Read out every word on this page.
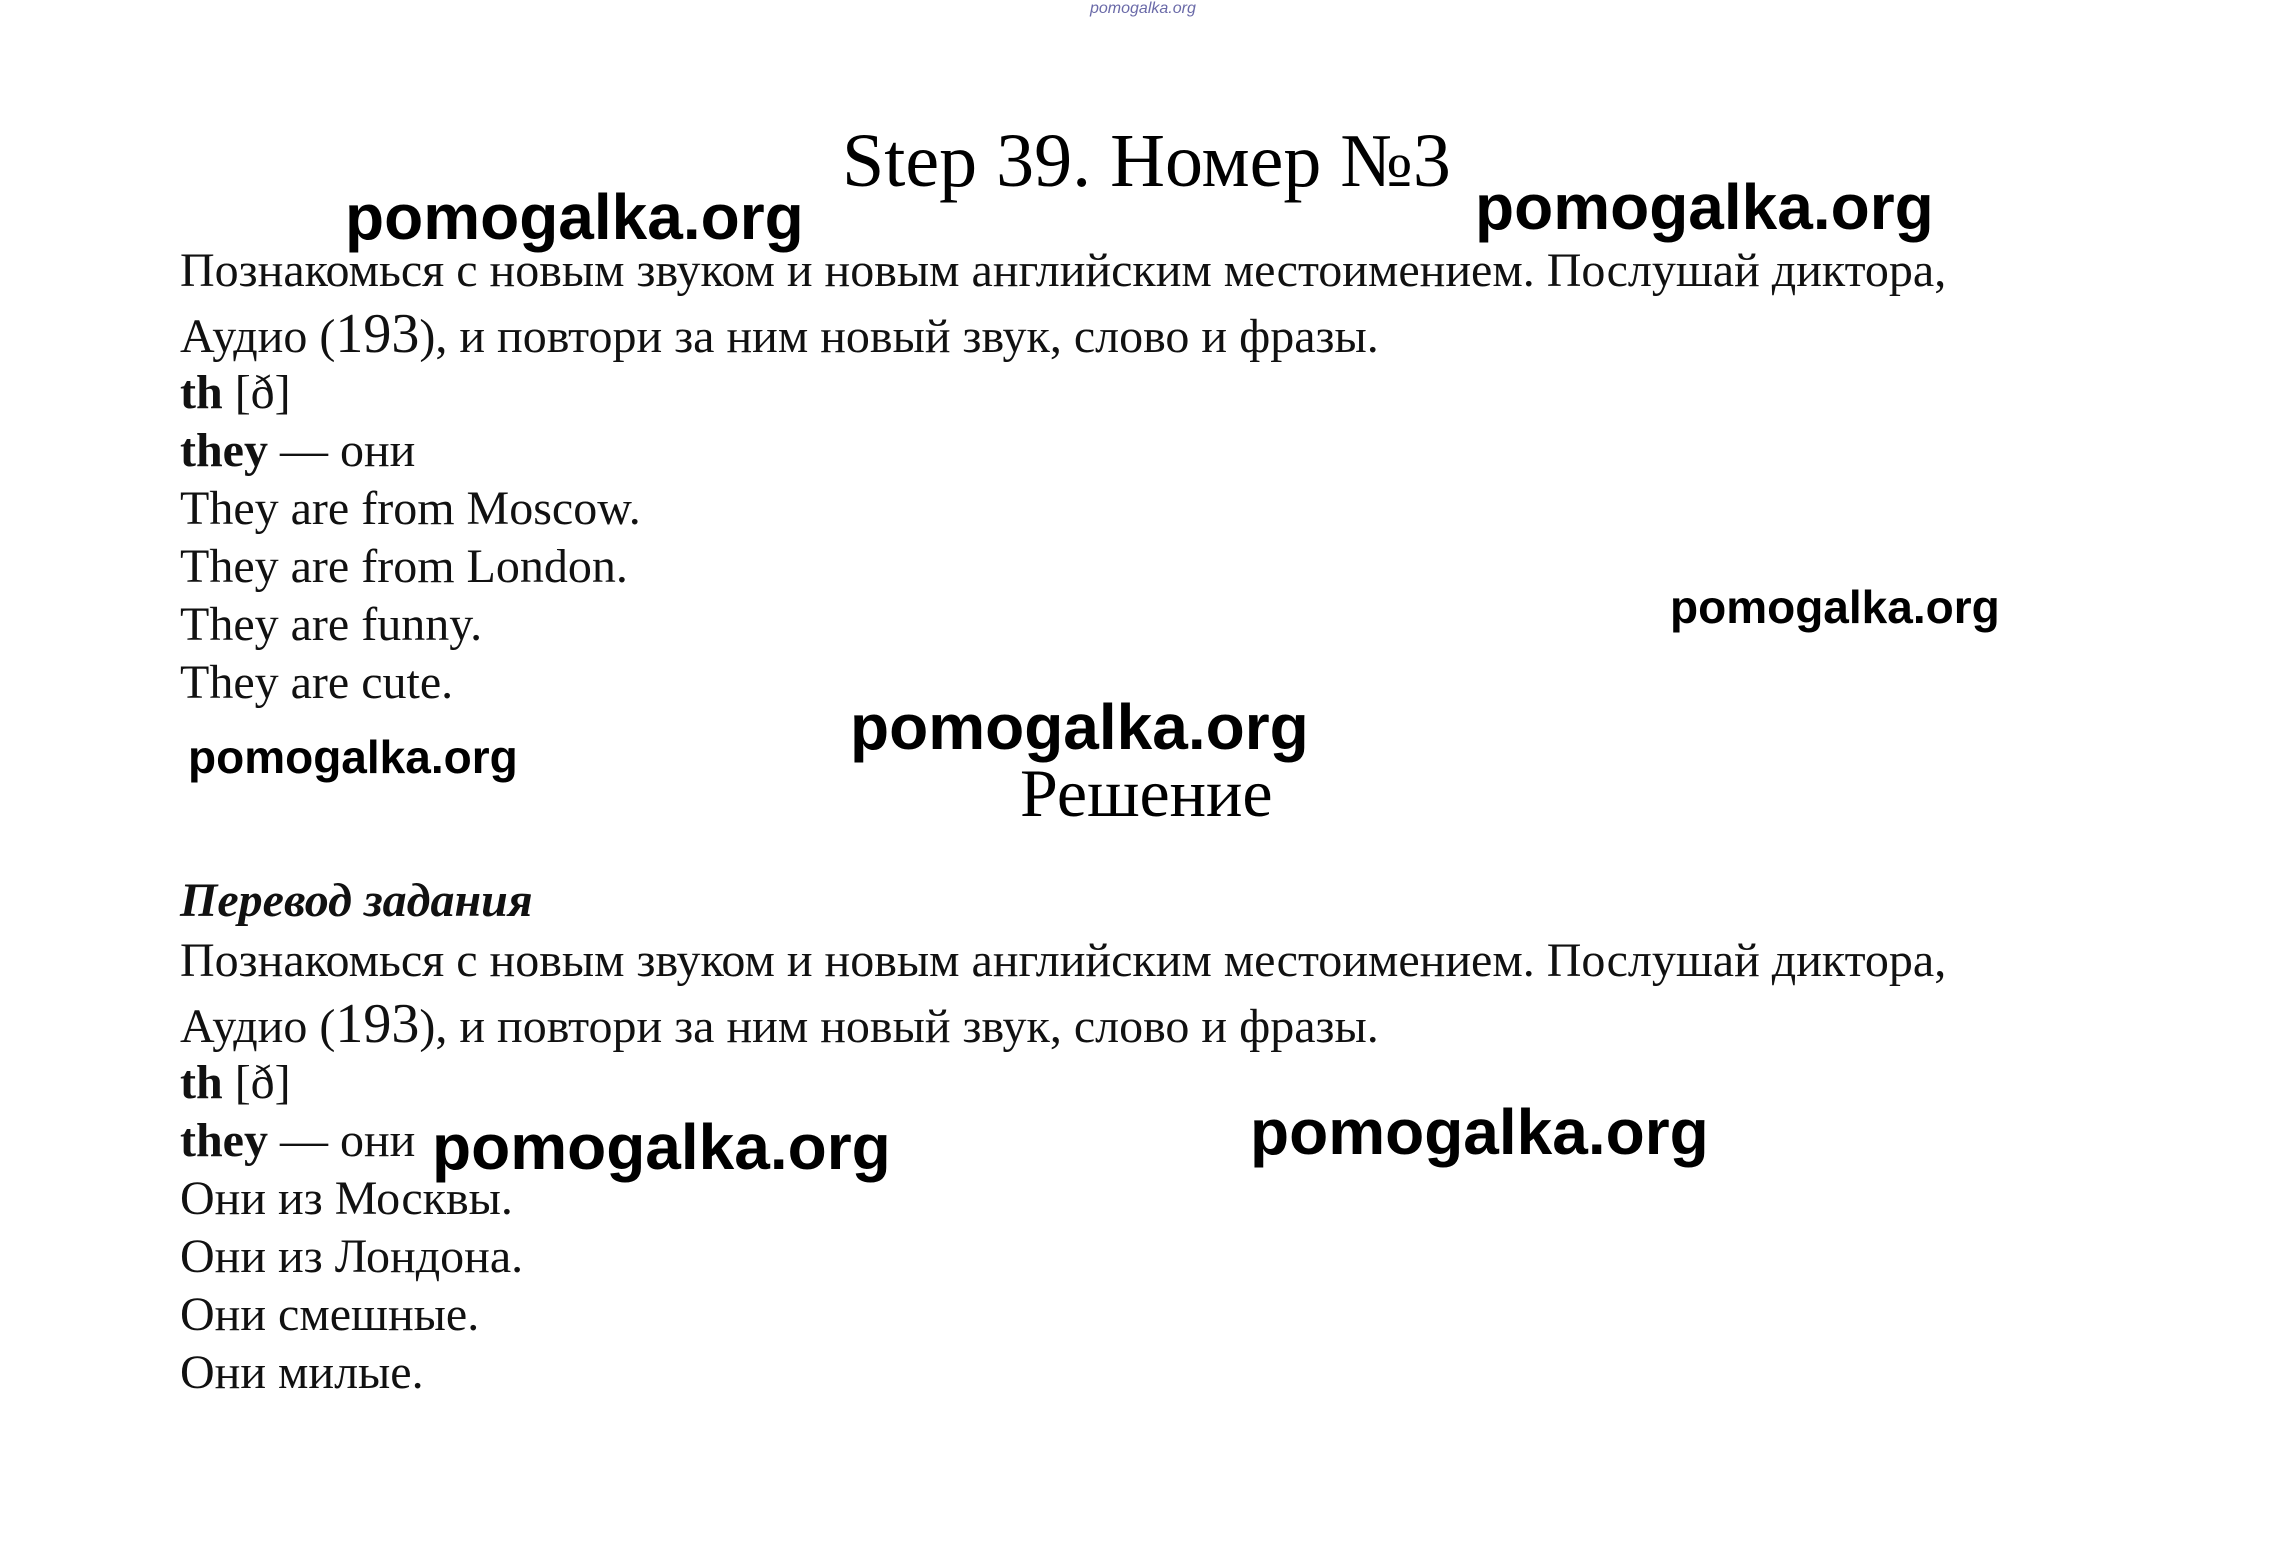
pomogalka.org
Step 39. Номер №3
Познакомься с новым звуком и новым английским местоимением. Послушай диктора,
Аудио (193), и повтори за ним новый звук, слово и фразы.
th [ð]
they — они
They are from Moscow.
They are from London.
They are funny.
They are cute.
Решение
Перевод задания
Познакомься с новым звуком и новым английским местоимением. Послушай диктора,
Аудио (193), и повтори за ним новый звук, слово и фразы.
th [ð]
they — они
Они из Москвы.
Они из Лондона.
Они смешные.
Они милые.
pomogalka.org	pomogalka.org
pomogalka.org
pomogalka.org
pomogalka.org
pomogalka.org	pomogalka.org
